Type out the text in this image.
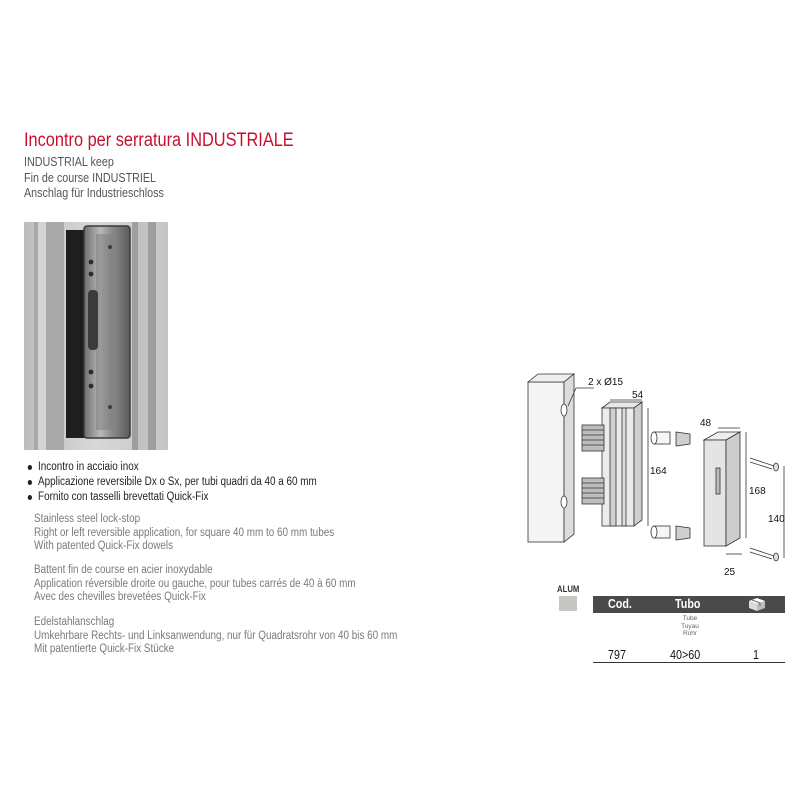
Incontro per serratura INDUSTRIALE
INDUSTRIAL keep
Fin de course INDUSTRIEL
Anschlag für Industrieschloss
Incontro in acciaio inox
Applicazione reversibile Dx o Sx, per tubi quadri da 40 a 60 mm
Fornito con tasselli brevettati Quick-Fix
Stainless steel lock-stop
Right or left reversible application, for square 40 mm to 60 mm tubes
With patented Quick-Fix dowels
Battent fin de course en acier inoxydable
Application réversible droite ou gauche, pour tubes carrés de 40 à 60 mm
Avec des chevilles brevetées Quick-Fix
Edelstahlanschlag
Umkehrbare Rechts- und Linksanwendung, nur für Quadratsrohr von 40 bis 60 mm
Mit patentierte Quick-Fix Stücke
2 x Ø15
54
48
164
168
140
25
ALUM
Cod.	Tubo
Tube
Tuyau
Rohr
797	40>60	1
